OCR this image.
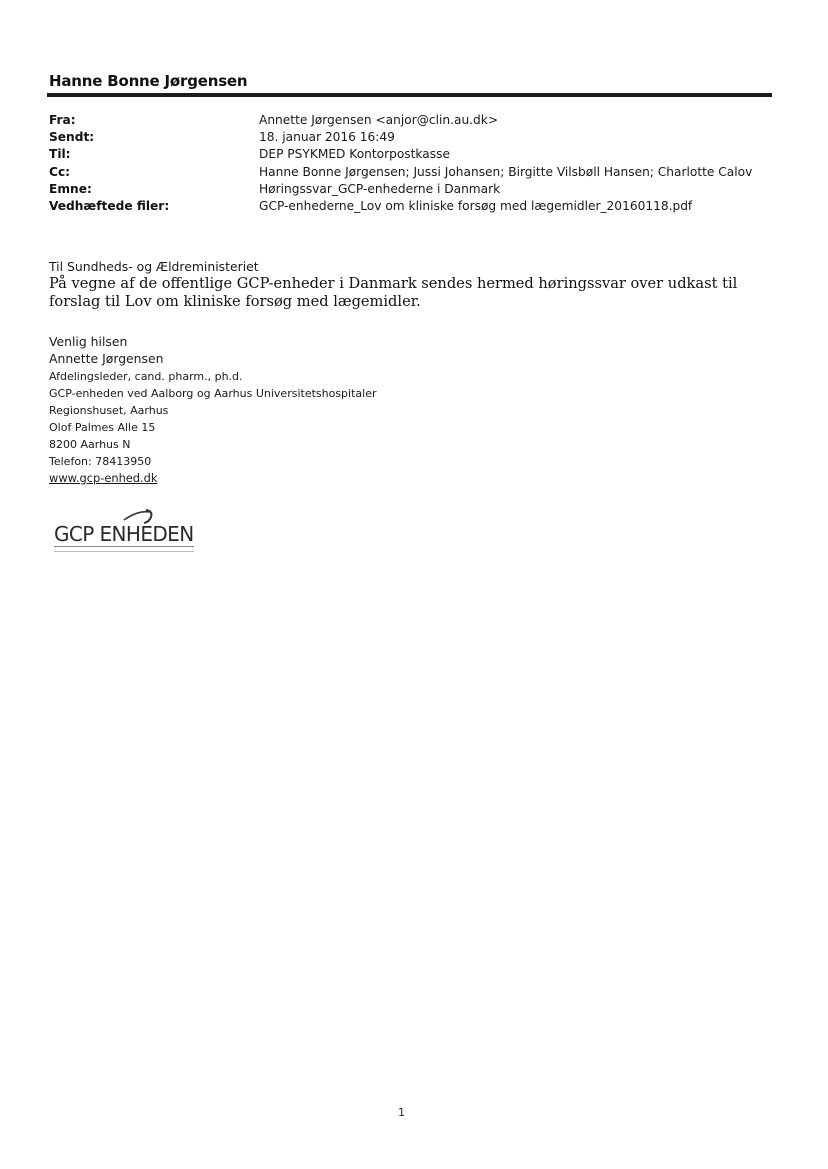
Hanne Bonne Jørgensen
Fra:	Annette Jørgensen <anjor@clin.au.dk>
Sendt:	18. januar 2016 16:49
Til:	DEP PSYKMED Kontorpostkasse
Cc:	Hanne Bonne Jørgensen; Jussi Johansen; Birgitte Vilsbøll Hansen; Charlotte Calov
Emne:	Høringssvar_GCP-enhederne i Danmark
Vedhæftede filer:	GCP-enhederne_Lov om kliniske forsøg med lægemidler_20160118.pdf
Til Sundheds- og Ældreministeriet
På vegne af de offentlige GCP-enheder i Danmark sendes hermed høringssvar over udkast til forslag til Lov om kliniske forsøg med lægemidler.
Venlig hilsen
Annette Jørgensen
Afdelingsleder, cand. pharm., ph.d.
GCP-enheden ved Aalborg og Aarhus Universitetshospitaler
Regionshuset, Aarhus
Olof Palmes Alle 15
8200 Aarhus N
Telefon: 78413950
www.gcp-enhed.dk
GCP ENHEDEN
1
